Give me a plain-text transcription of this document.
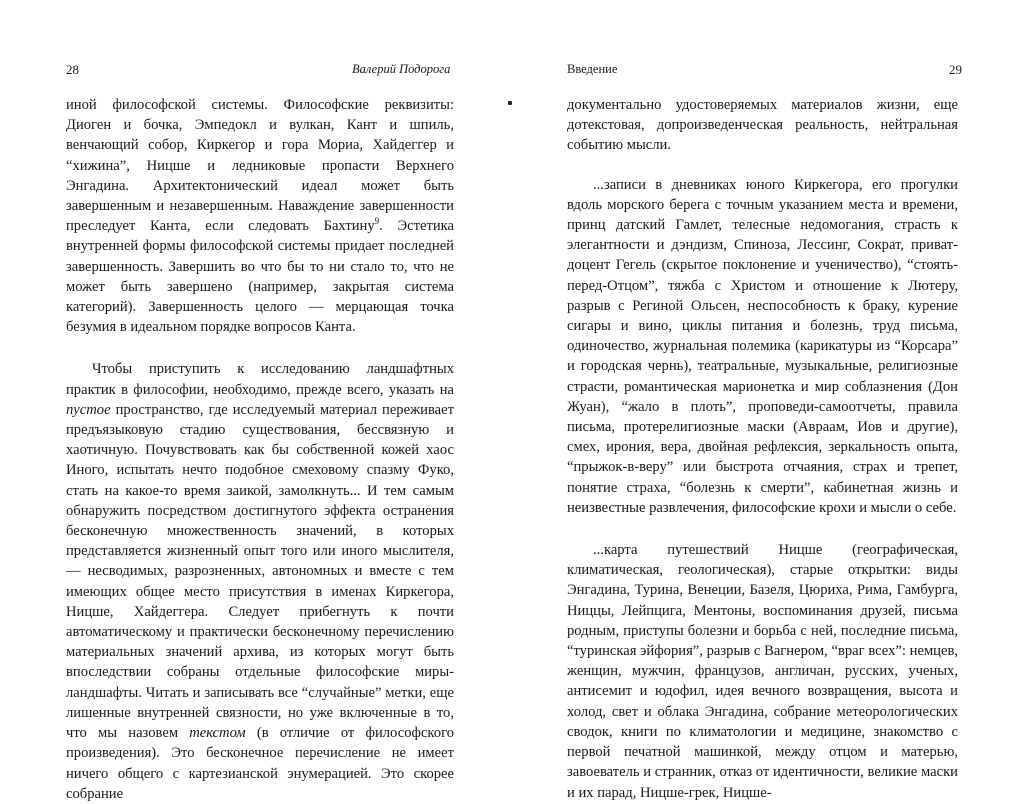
28	Валерий Подорога

иной философской системы. Философские реквизиты: Диоген и бочка, Эмпедокл и вулкан, Кант и шпиль, венчающий собор, Киркегор и гора Мориа, Хайдеггер и “хижина”, Ницше и ледниковые пропасти Верхнего Энгадина. Архитектонический идеал может быть завершенным и незавершенным. Наваждение завершенности преследует Канта, если следовать Бахтину$^9$. Эстетика внутренней формы философской системы придает последней завершенность. Завершить во что бы то ни стало то, что не может быть завершено (например, закрытая система категорий). Завершенность целого — мерцающая точка безумия в идеальном порядке вопросов Канта.

Чтобы приступить к исследованию ландшафтных практик в философии, необходимо, прежде всего, указать на пустое пространство, где исследуемый материал переживает предъязыковую стадию существования, бессвязную и хаотичную. Почувствовать как бы собственной кожей хаос Иного, испытать нечто подобное смеховому спазму Фуко, стать на какое-то время заикой, замолкнуть... И тем самым обнаружить посредством достигнутого эффекта остранения бесконечную множественность значений, в которых представляется жизненный опыт того или иного мыслителя, — несводимых, разрозненных, автономных и вместе с тем имеющих общее место присутствия в именах Киркегора, Ницше, Хайдеггера. Следует прибегнуть к почти автоматическому и практически бесконечному перечислению материальных значений архива, из которых могут быть впоследствии собраны отдельные философские миры-ландшафты. Читать и записывать все “случайные” метки, еще лишенные внутренней связности, но уже включенные в то, что мы назовем текстом (в отличие от философского произведения). Это бесконечное перечисление не имеет ничего общего с картезианской энумерацией. Это скорее собрание

Введение	29

документально удостоверяемых материалов жизни, еще дотекстовая, допроизведенческая реальность, нейтральная событию мысли.

...записи в дневниках юного Киркегора, его прогулки вдоль морского берега с точным указанием места и времени, принц датский Гамлет, телесные недомогания, страсть к элегантности и дэндизм, Спиноза, Лессинг, Сократ, приват-доцент Гегель (скрытое поклонение и ученичество), “стоять-перед-Отцом”, тяжба с Христом и отношение к Лютеру, разрыв с Региной Ольсен, неспособность к браку, курение сигары и вино, циклы питания и болезнь, труд письма, одиночество, журнальная полемика (карикатуры из “Корсара” и городская чернь), театральные, музыкальные, религиозные страсти, романтическая марионетка и мир соблазнения (Дон Жуан), “жало в плоть”, проповеди-самоотчеты, правила письма, протерелигиозные маски (Авраам, Иов и другие), смех, ирония, вера, двойная рефлексия, зеркальность опыта, “прыжок-в-веру” или быстрота отчаяния, страх и трепет, понятие страха, “болезнь к смерти”, кабинетная жизнь и неизвестные развлечения, философские крохи и мысли о себе.

...карта путешествий Ницше (географическая, климатическая, геологическая), старые открытки: виды Энгадина, Турина, Венеции, Базеля, Цюриха, Рима, Гамбурга, Ниццы, Лейпцига, Ментоны, воспоминания друзей, письма родным, приступы болезни и борьба с ней, последние письма, “туринская эйфория”, разрыв с Вагнером, “враг всех”: немцев, женщин, мужчин, французов, англичан, русских, ученых, антисемит и юдофил, идея вечного возвращения, высота и холод, свет и облака Энгадина, собрание метеорологических сводок, книги по климатологии и медицине, знакомство с первой печатной машинкой, между отцом и матерью, завоеватель и странник, отказ от идентичности, великие маски и их парад, Ницше-грек, Ницше-
